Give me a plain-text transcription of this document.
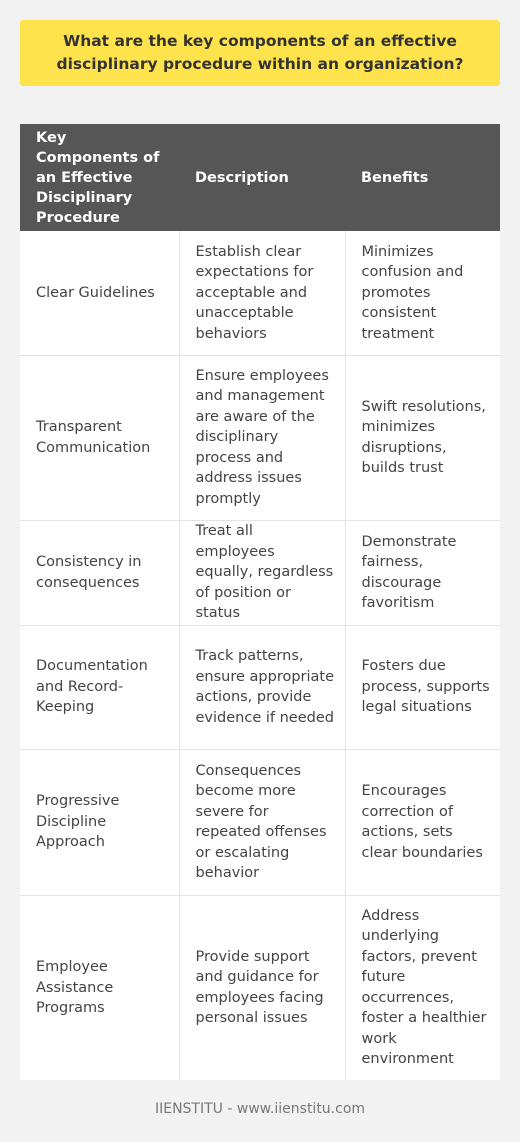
What are the key components of an effective disciplinary procedure within an organization?
Key Components of an Effective Disciplinary Procedure	Description	Benefits
Clear Guidelines	Establish clear expectations for acceptable and unacceptable behaviors	Minimizes confusion and promotes consistent treatment
Transparent Communication	Ensure employees and management are aware of the disciplinary process and address issues promptly	Swift resolutions, minimizes disruptions, builds trust
Consistency in consequences	Treat all employees equally, regardless of position or status	Demonstrate fairness, discourage favoritism
Documentation and Record-Keeping	Track patterns, ensure appropriate actions, provide evidence if needed	Fosters due process, supports legal situations
Progressive Discipline Approach	Consequences become more severe for repeated offenses or escalating behavior	Encourages correction of actions, sets clear boundaries
Employee Assistance Programs	Provide support and guidance for employees facing personal issues	Address underlying factors, prevent future occurrences, foster a healthier work environment
IIENSTITU - www.iienstitu.com
